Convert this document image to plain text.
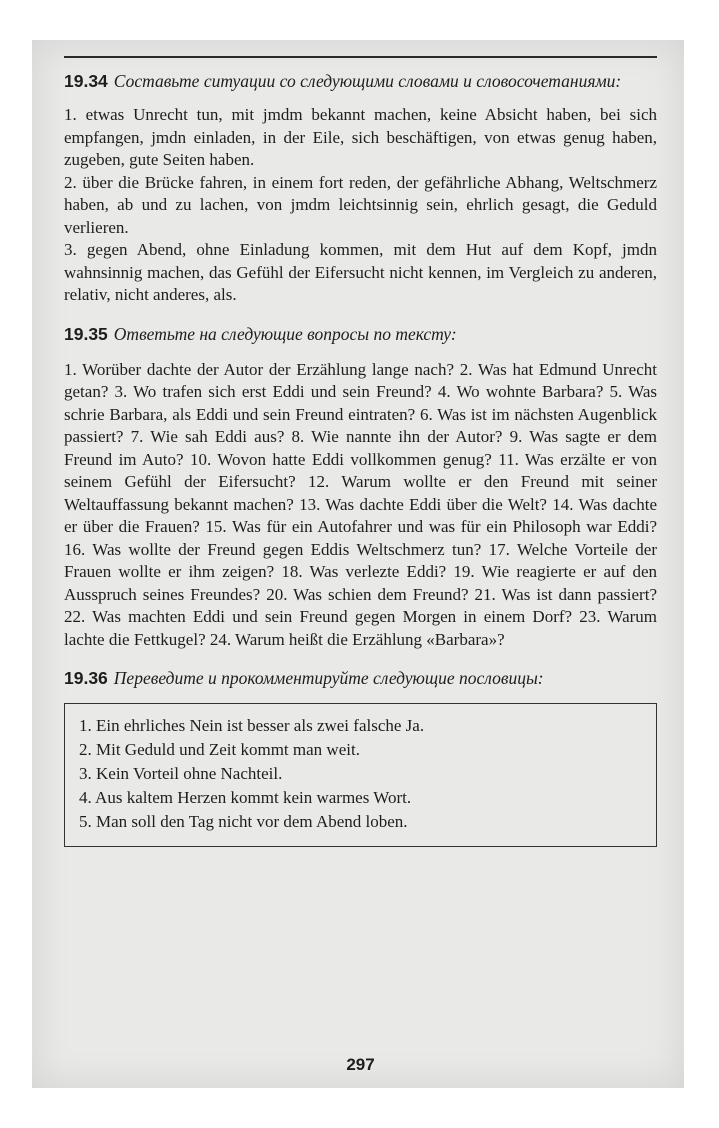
19.34 Составьте ситуации со следующими словами и словосочетаниями:

1. etwas Unrecht tun, mit jmdm bekannt machen, keine Absicht haben, bei sich empfangen, jmdn einladen, in der Eile, sich beschäftigen, von etwas genug haben, zugeben, gute Seiten haben.

2. über die Brücke fahren, in einem fort reden, der gefährliche Abhang, Weltschmerz haben, ab und zu lachen, von jmdm leichtsinnig sein, ehrlich gesagt, die Geduld verlieren.

3. gegen Abend, ohne Einladung kommen, mit dem Hut auf dem Kopf, jmdn wahnsinnig machen, das Gefühl der Eifersucht nicht kennen, im Vergleich zu anderen, relativ, nicht anderes, als.

19.35 Ответьте на следующие вопросы по тексту:

1. Worüber dachte der Autor der Erzählung lange nach? 2. Was hat Edmund Unrecht getan? 3. Wo trafen sich erst Eddi und sein Freund? 4. Wo wohnte Barbara? 5. Was schrie Barbara, als Eddi und sein Freund eintraten? 6. Was ist im nächsten Augenblick passiert? 7. Wie sah Eddi aus? 8. Wie nannte ihn der Autor? 9. Was sagte er dem Freund im Auto? 10. Wovon hatte Eddi vollkommen genug? 11. Was erzälte er von seinem Gefühl der Eifersucht? 12. Warum wollte er den Freund mit seiner Weltauffassung bekannt machen? 13. Was dachte Eddi über die Welt? 14. Was dachte er über die Frauen? 15. Was für ein Autofahrer und was für ein Philosoph war Eddi? 16. Was wollte der Freund gegen Eddis Weltschmerz tun? 17. Welche Vorteile der Frauen wollte er ihm zeigen? 18. Was verlezte Eddi? 19. Wie reagierte er auf den Ausspruch seines Freundes? 20. Was schien dem Freund? 21. Was ist dann passiert? 22. Was machten Eddi und sein Freund gegen Morgen in einem Dorf? 23. Warum lachte die Fettkugel? 24. Warum heißt die Erzählung «Barbara»?

19.36 Переведите и прокомментируйте следующие пословицы:

1. Ein ehrliches Nein ist besser als zwei falsche Ja.

2. Mit Geduld und Zeit kommt man weit.

3. Kein Vorteil ohne Nachteil.

4. Aus kaltem Herzen kommt kein warmes Wort.

5. Man soll den Tag nicht vor dem Abend loben.

297
